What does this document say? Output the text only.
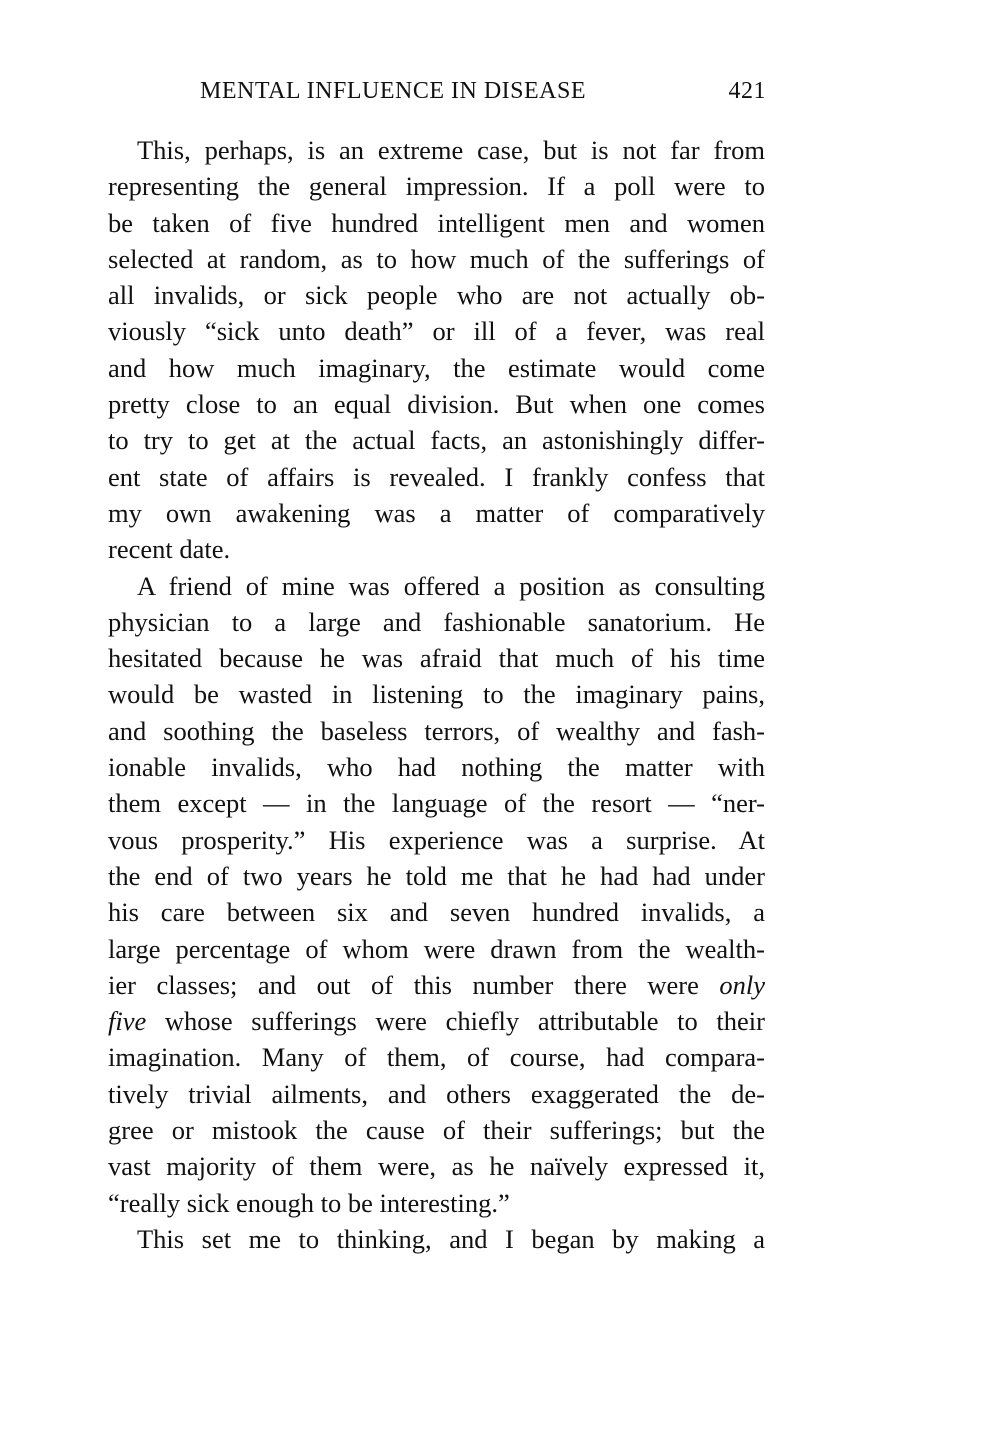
MENTAL INFLUENCE IN DISEASE	421
This, perhaps, is an extreme case, but is not far from
representing the general impression. If a poll were to
be taken of five hundred intelligent men and women
selected at random, as to how much of the sufferings of
all invalids, or sick people who are not actually ob-
viously “sick unto death” or ill of a fever, was real
and how much imaginary, the estimate would come
pretty close to an equal division. But when one comes
to try to get at the actual facts, an astonishingly differ-
ent state of affairs is revealed. I frankly confess that
my own awakening was a matter of comparatively
recent date.
A friend of mine was offered a position as consulting
physician to a large and fashionable sanatorium. He
hesitated because he was afraid that much of his time
would be wasted in listening to the imaginary pains,
and soothing the baseless terrors, of wealthy and fash-
ionable invalids, who had nothing the matter with
them except — in the language of the resort — “ner-
vous prosperity.” His experience was a surprise. At
the end of two years he told me that he had had under
his care between six and seven hundred invalids, a
large percentage of whom were drawn from the wealth-
ier classes; and out of this number there were only
five whose sufferings were chiefly attributable to their
imagination. Many of them, of course, had compara-
tively trivial ailments, and others exaggerated the de-
gree or mistook the cause of their sufferings; but the
vast majority of them were, as he naïvely expressed it,
“really sick enough to be interesting.”
This set me to thinking, and I began by making a
